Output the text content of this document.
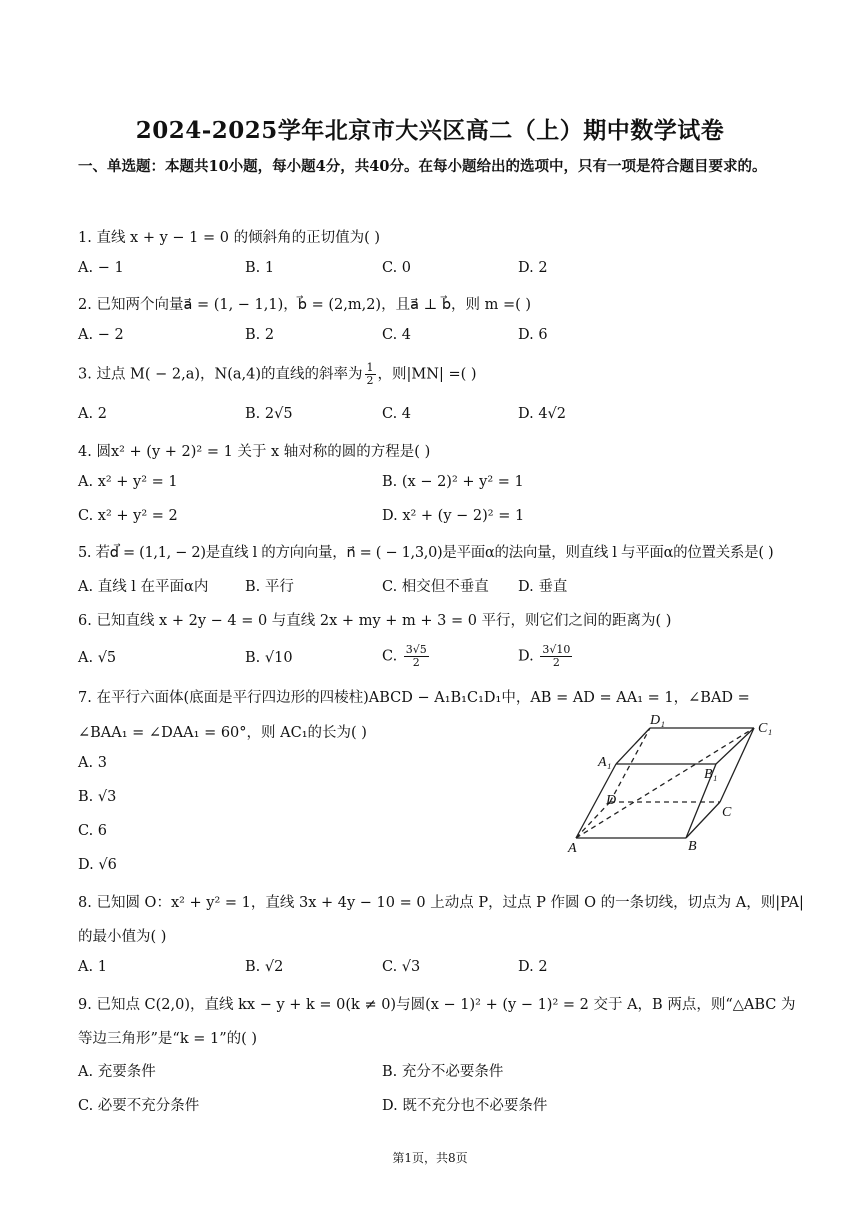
2024-2025学年北京市大兴区高二（上）期中数学试卷
一、单选题：本题共10小题，每小题4分，共40分。在每小题给出的选项中，只有一项是符合题目要求的。
1. 直线 x + y − 1 = 0 的倾斜角的正切值为( )
A. − 1	B. 1	C. 0	D. 2
2. 已知两个向量a⃗ = (1, − 1,1)，b⃗ = (2,m,2)，且a⃗ ⊥ b⃗，则 m =( )
A. − 2	B. 2	C. 4	D. 6
3. 过点 M( − 2,a)，N(a,4)的直线的斜率为 $\frac{1}{2}$ ，则|MN| =( )
A. 2	B. 2√5	C. 4	D. 4√2
4. 圆x² + (y + 2)² = 1 关于 x 轴对称的圆的方程是( )
A. x² + y² = 1	B. (x − 2)² + y² = 1
C. x² + y² = 2	D. x² + (y − 2)² = 1
5. 若d⃗ = (1,1, − 2)是直线 l 的方向向量，n⃗ = ( − 1,3,0)是平面α的法向量，则直线 l 与平面α的位置关系是( )
A. 直线 l 在平面α内	B. 平行	C. 相交但不垂直 D. 垂直
6. 已知直线 x + 2y − 4 = 0 与直线 2x + my + m + 3 = 0 平行，则它们之间的距离为( )
A. √5	B. √10	C. $\frac{3√5}{2}$	D. $\frac{3√10}{2}$
7. 在平行六面体(底面是平行四边形的四棱柱)ABCD − A₁B₁C₁D₁中，AB = AD = AA₁ = 1，∠BAD =
∠BAA₁ = ∠DAA₁ = 60°，则 AC₁的长为( )
A. 3
B. √3
C. 6
D. √6
D₁
C₁
A₁
B₁
D
C
A	B
8. 已知圆 O：x² + y² = 1，直线 3x + 4y − 10 = 0 上动点 P，过点 P 作圆 O 的一条切线，切点为 A，则|PA|
的最小值为( )
A. 1	B. √2	C. √3	D. 2
9. 已知点 C(2,0)，直线 kx − y + k = 0(k ≠ 0)与圆(x − 1)² + (y − 1)² = 2 交于 A，B 两点，则“△ABC 为
等边三角形”是“k = 1”的( )
A. 充要条件	B. 充分不必要条件
C. 必要不充分条件	D. 既不充分也不必要条件
第1页，共8页
